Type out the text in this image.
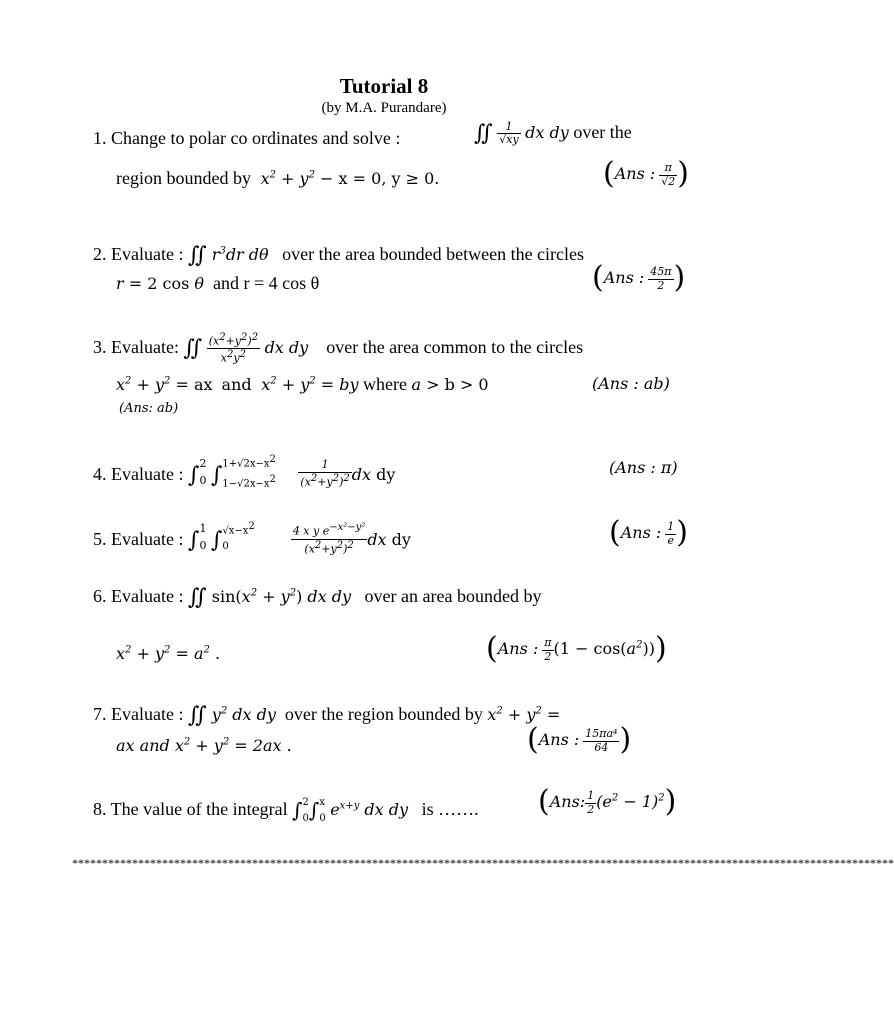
Tutorial 8
(by M.A. Purandare)
1. Change to polar co ordinates and solve :	∬ $\frac{1}{√xy}$ dx dy over the
region bounded by  $x^2 + y^2 - x = 0$, y ≥ 0.	(Ans : $\frac{\pi}{√2}$ )
2. Evaluate : ∬ $r^3dr$ dθ over the area bounded between the circles
r = 2 cos θ and r = 4 cos θ	(Ans : $\frac{45\pi}{2}$ )
3. Evaluate: ∬ $\frac{(x^2+y^2)^2}{x^2y^2}$ dx dy over the area common to the circles
$x^2 + y^2$ = ax and  $x^2 + y^2$ = by where a > b > 0	(Ans : ab)
(Ans: ab)
4. Evaluate : ∫
2
0 ∫ $1+√2x-x^2$
$1-√2x-x^2$
$\frac{1}{(x^2+y^2)^2}$ dx dy	(Ans : π)
5. Evaluate : ∫
1
0 ∫ $√x-x^2$
0
	$\frac{4 x y e^{-x^2-y^2}}{(x^2+y^2)^2}$ dx dy	(Ans : $\frac{1}{e}$ )
6. Evaluate : ∬ $\sin(x^2 + y^2)$ dx dy over an area bounded by
$x^2 + y^2 = a^2$ .	(Ans : $\frac{\pi}{2} (1 - \cos(a^2))$)
7. Evaluate : ∬ $y^2$ dx dy over the region bounded by $x^2 + y^2$ =
ax and $x^2 + y^2 = 2ax$ .	(Ans : $\frac{\text{15πa⁴}}{64}$ )
8. The value of the integral ∫ 2
0 ∫ x
0 $e^{x+y}$ dx dy is ……. (Ans: $\frac{1}{2} (e^2 - 1)^2$)
*****************************************************************************************************************************************
